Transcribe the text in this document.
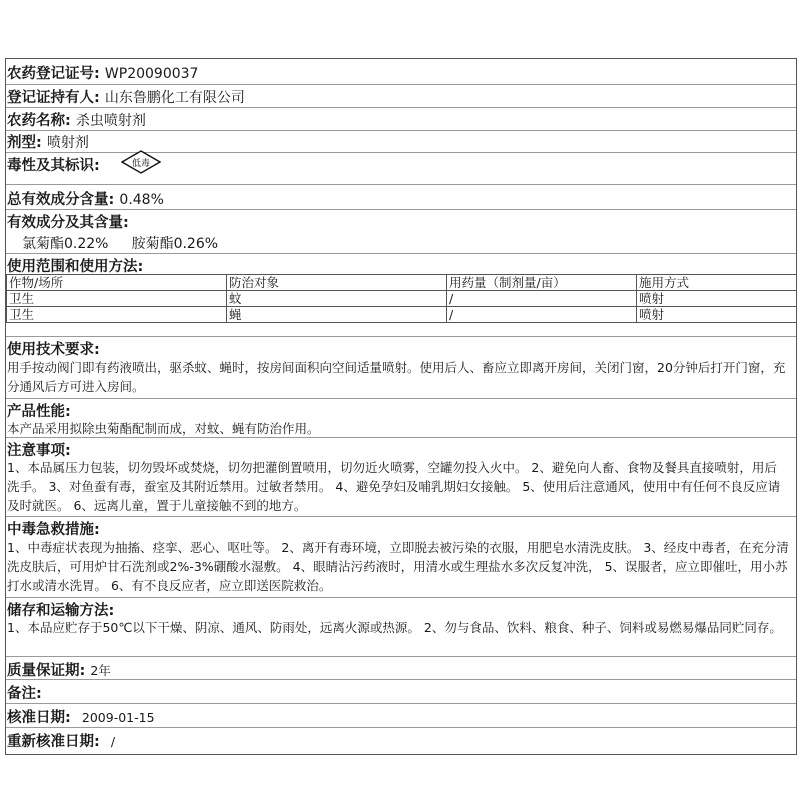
农药登记证号: WP20090037
登记证持有人: 山东鲁鹏化工有限公司
农药名称: 杀虫喷射剂
剂型: 喷射剂
毒性及其标识:	低毒
总有效成分含量: 0.48%
有效成分及其含量:
氯菊酯0.22% 胺菊酯0.26%
使用范围和使用方法:
作物/场所	防治对象	用药量（制剂量/亩）	施用方式
卫生	蚊	/	喷射
卫生	蝇	/	喷射
使用技术要求:
用手按动阀门即有药液喷出，驱杀蚊、蝇时，按房间面积向空间适量喷射。使用后人、畜应立即离开房间，关闭门窗，20分钟后打开门窗，充分通风后方可进入房间。
产品性能:
本产品采用拟除虫菊酯配制而成，对蚊、蝇有防治作用。
注意事项:
1、本品属压力包装，切勿毁坏或焚烧，切勿把灌倒置喷用，切勿近火喷雾，空罐勿投入火中。 2、避免向人畜、食物及餐具直接喷射，用后洗手。 3、对鱼蚕有毒，蚕室及其附近禁用。过敏者禁用。 4、避免孕妇及哺乳期妇女接触。 5、使用后注意通风，使用中有任何不良反应请及时就医。 6、远离儿童，置于儿童接触不到的地方。
中毒急救措施:
1、中毒症状表现为抽搐、痉挛、恶心、呕吐等。 2、离开有毒环境，立即脱去被污染的衣服，用肥皂水清洗皮肤。 3、经皮中毒者，在充分清洗皮肤后，可用炉甘石洗剂或2%-3%硼酸水湿敷。 4、眼睛沾污药液时，用清水或生理盐水多次反复冲洗， 5、误服者，应立即催吐，用小苏打水或清水洗胃。 6、有不良反应者，应立即送医院救治。
储存和运输方法:
1、本品应贮存于50℃以下干燥、阴凉、通风、防雨处，远离火源或热源。 2、勿与食品、饮料、粮食、种子、饲料或易燃易爆品同贮同存。
质量保证期: 2年
备注:
核准日期: 2009-01-15
重新核准日期: /
